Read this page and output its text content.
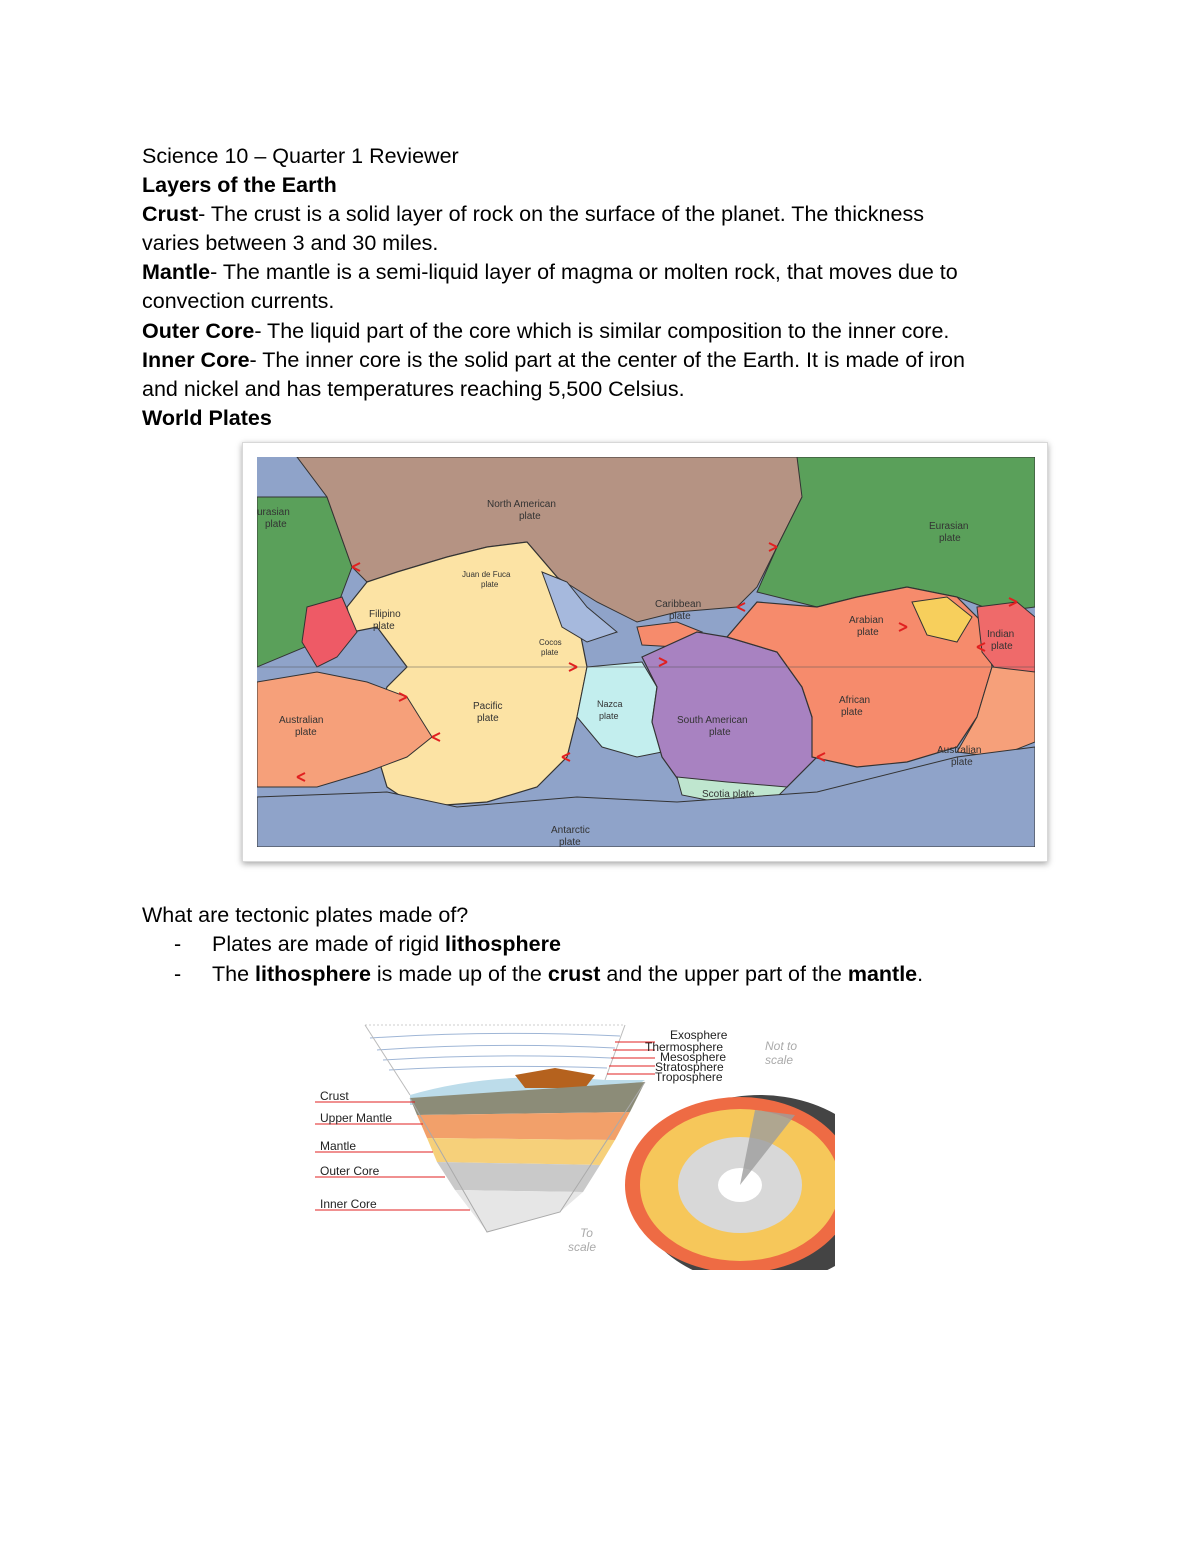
Science 10 – Quarter 1 Reviewer
Layers of the Earth
Crust- The crust is a solid layer of rock on the surface of the planet. The thickness
varies between 3 and 30 miles.
Mantle- The mantle is a semi-liquid layer of magma or molten rock, that moves due to
convection currents.
Outer Core- The liquid part of the core which is similar composition to the inner core.
Inner Core- The inner core is the solid part at the center of the Earth. It is made of iron
and nickel and has temperatures reaching 5,500 Celsius.
World Plates
urasian
plate
North American
plate
Juan de Fuca
plate
Filipino
plate
Caribbean
plate
Cocos
plate
Eurasian
plate
Arabian
plate	Indian
plate
Pacific
plate
Nazca
plate	South American
plate
African
plate
Australian
plate
Australian
plate
Scotia plate
Antarctic
plate
What are tectonic plates made of?
- Plates are made of rigid lithosphere
- The lithosphere is made up of the crust and the upper part of the mantle.
Crust
Upper Mantle
Mantle
Outer Core
Inner Core
Exosphere
Thermosphere
Mesosphere
Stratosphere
Troposphere
Not to
scale
To
scale
